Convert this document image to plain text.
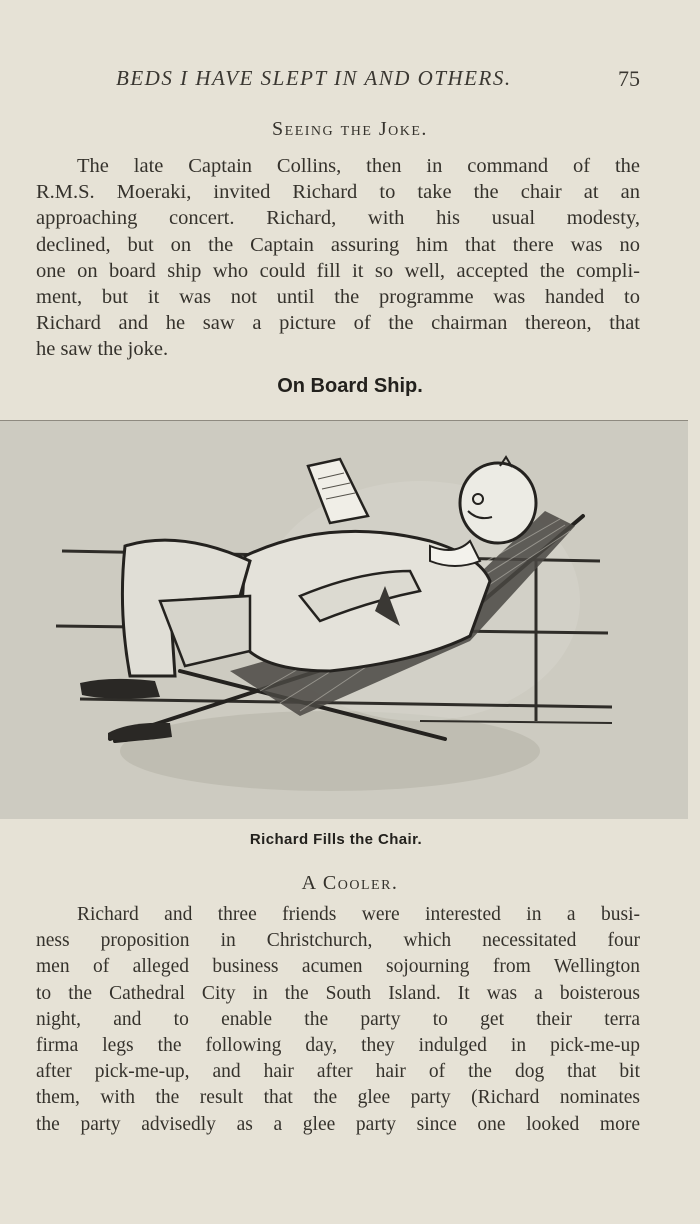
BEDS I HAVE SLEPT IN AND OTHERS.	75
Seeing the Joke.
The late Captain Collins, then in command of the
R.M.S. Moeraki, invited Richard to take the chair at an
approaching concert. Richard, with his usual modesty,
declined, but on the Captain assuring him that there was no
one on board ship who could fill it so well, accepted the compli-
ment, but it was not until the programme was handed to
Richard and he saw a picture of the chairman thereon, that
he saw the joke.
On Board Ship.
Richard Fills the Chair.
A Cooler.
Richard and three friends were interested in a busi-
ness proposition in Christchurch, which necessitated four
men of alleged business acumen sojourning from Wellington
to the Cathedral City in the South Island. It was a boisterous
night, and to enable the party to get their terra
firma legs the following day, they indulged in pick-me-up
after pick-me-up, and hair after hair of the dog that bit
them, with the result that the glee party (Richard nominates
the party advisedly as a glee party since one looked more
